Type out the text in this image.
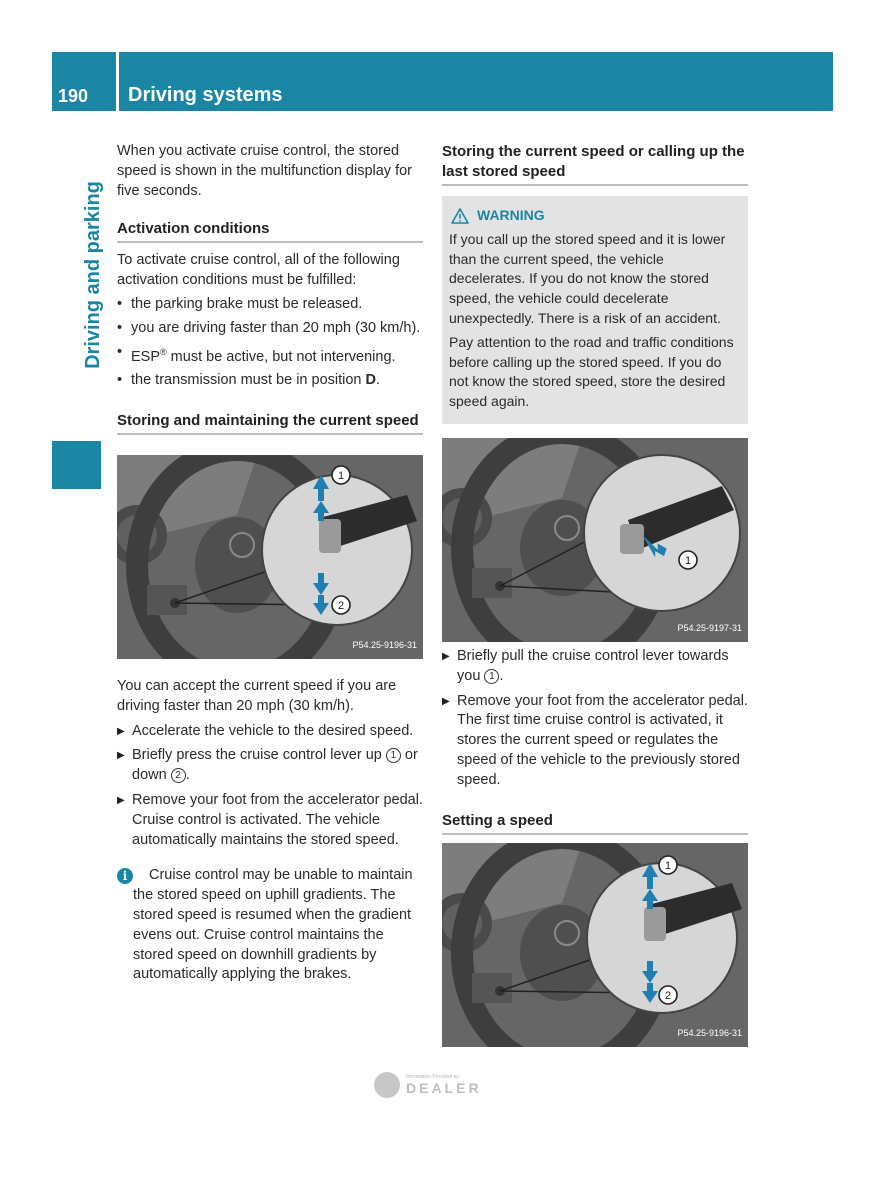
190 Driving systems
Driving and parking

When you activate cruise control, the stored speed is shown in the multifunction display for five seconds.

Activation conditions

To activate cruise control, all of the following activation conditions must be fulfilled:

• the parking brake must be released.
• you are driving faster than 20 mph (30 km/h).
• ESP® must be active, but not intervening.
• the transmission must be in position D.
Storing and maintaining the current speed
1
2
P54.25-9196-31

You can accept the current speed if you are driving faster than 20 mph (30 km/h).

▶ Accelerate the vehicle to the desired speed.
▶ Briefly press the cruise control lever up 1 or down 2 .
▶ Remove your foot from the accelerator pedal.
Cruise control is activated. The vehicle automatically maintains the stored speed.
i	Cruise control may be unable to maintain the stored speed on uphill gradients. The stored speed is resumed when the gradient evens out. Cruise control maintains the stored speed on downhill gradients by automatically applying the brakes.
Storing the current speed or calling up the last stored speed
WARNING

If you call up the stored speed and it is lower than the current speed, the vehicle decelerates. If you do not know the stored speed, the vehicle could decelerate unexpectedly. There is a risk of an accident.

Pay attention to the road and traffic conditions before calling up the stored speed. If you do not know the stored speed, store the desired speed again.

1
P54.25-9197-31
▶ Briefly pull the cruise control lever towards you 1 .
▶ Remove your foot from the accelerator pedal.
The first time cruise control is activated, it stores the current speed or regulates the speed of the vehicle to the previously stored speed.
Setting a speed
1
2
P54.25-9196-31
Information Provided by:
DEALER
